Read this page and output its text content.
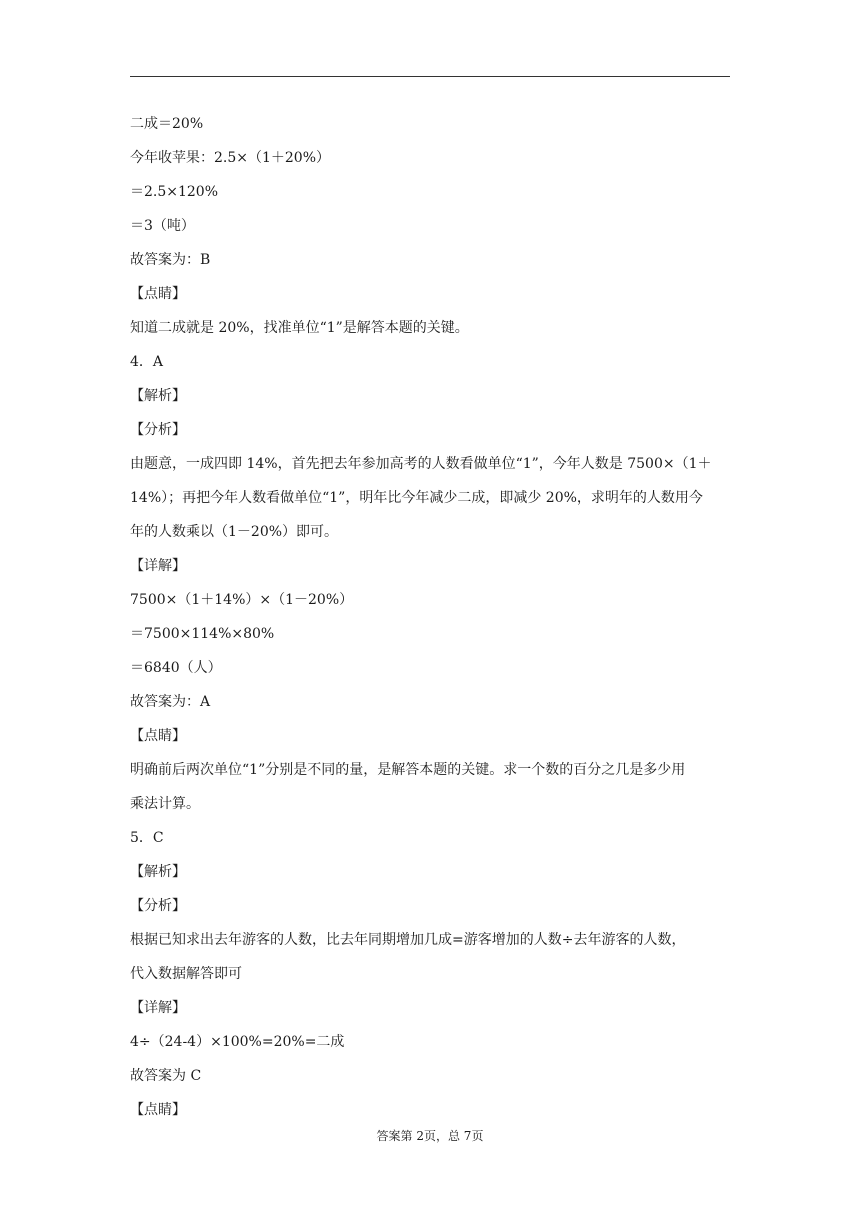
二成＝20%
今年收苹果：2.5×（1＋20%）
＝2.5×120%
＝3（吨）
故答案为：B
【点睛】
知道二成就是 20%，找准单位“1”是解答本题的关键。
4．A
【解析】
【分析】
由题意，一成四即 14%，首先把去年参加高考的人数看做单位“1”，今年人数是 7500×（1＋
14%）；再把今年人数看做单位“1”，明年比今年减少二成，即减少 20%，求明年的人数用今
年的人数乘以（1－20%）即可。
【详解】
7500×（1＋14%）×（1－20%）
＝7500×114%×80%
＝6840（人）
故答案为：A
【点睛】
明确前后两次单位“1”分别是不同的量，是解答本题的关键。求一个数的百分之几是多少用
乘法计算。
5．C
【解析】
【分析】
根据已知求出去年游客的人数，比去年同期增加几成=游客增加的人数÷去年游客的人数，
代入数据解答即可
【详解】
4÷（24-4）×100%=20%=二成
故答案为 C
【点睛】
答案第 2页，总 7页
